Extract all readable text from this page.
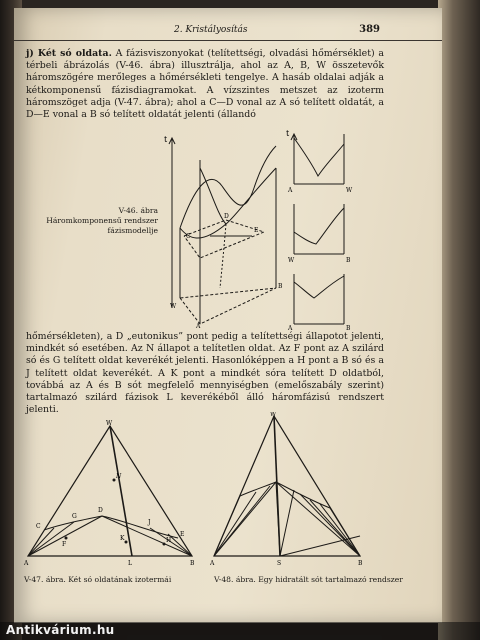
2. Kristályosítás	389

j) Két só oldata. A fázisviszonyokat (telítettségi, olvadási hőmérséklet) a térbeli ábrázolás (V-46. ábra) illusztrálja, ahol az A, B, W összetevők háromszögére merőleges a hőmérsékleti tengelye. A hasáb oldalai adják a kétkomponensű fázisdiagramokat. A vízszintes metszet az izoterm háromszöget adja (V-47. ábra); ahol a C—D vonal az A só telített oldatát, a D—E vonal a B só telített oldatát jelenti (állandó

t
C
D
E
W
A
B
V-46. ábra
Háromkomponensű rendszer
fázismodellje
t
A	W
W	B
A	B

hőmérsékleten), a D „eutonikus” pont pedig a telítettségi állapotot jelenti, mindkét só esetében. Az N állapot a telítetlen oldat. Az F pont az A szilárd só és G telített oldat keverékét jelenti. Hasonlóképpen a H pont a B só és a J telített oldat keverékét. A K pont a mindkét sóra telített D oldatból, továbbá az A és B sót megfelelő mennyiségben (emelőszabály szerint) tartalmazó szilárd fázisok L keverékéből álló háromfázisú rendszert jelenti.

W
N
C
G
D
E
J
F
K	H
A	L	B
V-47. ábra. Két só oldatának izotermái
W
A	S	B
V-48. ábra. Egy hidratált sót tartalmazó rendszer
Antikvárium.hu
